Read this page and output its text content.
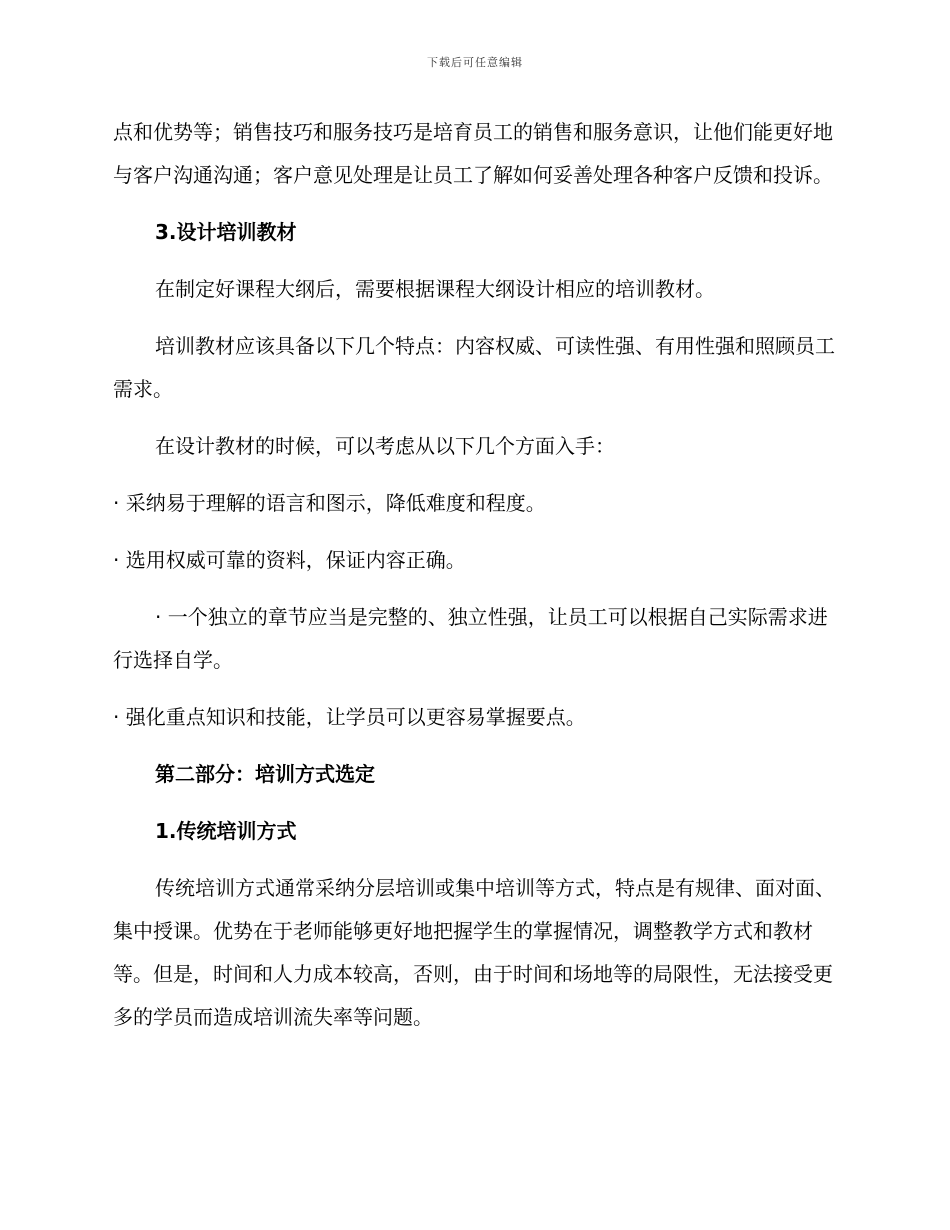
下载后可任意编辑

点和优势等；销售技巧和服务技巧是培育员工的销售和服务意识，让他们能更好地与客户沟通沟通；客户意见处理是让员工了解如何妥善处理各种客户反馈和投诉。

3.设计培训教材

在制定好课程大纲后，需要根据课程大纲设计相应的培训教材。

培训教材应该具备以下几个特点：内容权威、可读性强、有用性强和照顾员工需求。

在设计教材的时候，可以考虑从以下几个方面入手：

· 采纳易于理解的语言和图示，降低难度和程度。

· 选用权威可靠的资料，保证内容正确。

· 一个独立的章节应当是完整的、独立性强，让员工可以根据自己实际需求进行选择自学。

· 强化重点知识和技能，让学员可以更容易掌握要点。

第二部分：培训方式选定

1.传统培训方式

传统培训方式通常采纳分层培训或集中培训等方式，特点是有规律、面对面、集中授课。优势在于老师能够更好地把握学生的掌握情况，调整教学方式和教材等。但是，时间和人力成本较高，否则，由于时间和场地等的局限性，无法接受更多的学员而造成培训流失率等问题。
